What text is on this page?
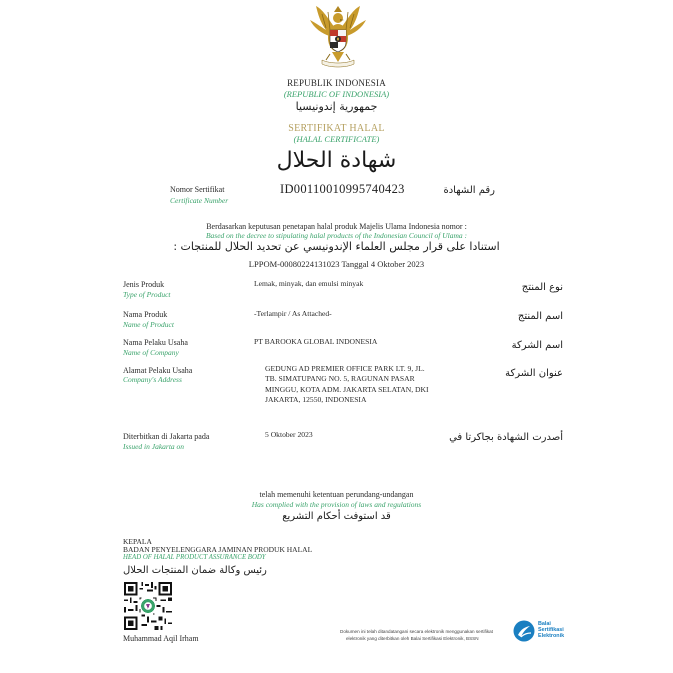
REPUBLIK INDONESIA
(REPUBLIC OF INDONESIA)
جمهورية إندونيسيا
SERTIFIKAT HALAL
(HALAL CERTIFICATE)
شهادة الحلال
Nomor Sertifikat
Certificate Number
ID00110010995740423	رقم الشهادة
Berdasarkan keputusan penetapan halal produk Majelis Ulama Indonesia nomor :
Based on the decree to stipulating halal products of the Indonesian Council of Ulama :
استنادا على قرار مجلس العلماء الإندونيسي عن تحديد الحلال للمنتجات :
LPPOM-00080224131023 Tanggal 4 Oktober 2023
Jenis Produk
Type of Product
Lemak, minyak, dan emulsi minyak	نوع المنتج
Nama Produk
Name of Product
-Terlampir / As Attached-	اسم المنتج
Nama Pelaku Usaha
Name of Company
PT BAROOKA GLOBAL INDONESIA	اسم الشركة
Alamat Pelaku Usaha
Company's Address
GEDUNG AD PREMIER OFFICE PARK LT. 9, JL.
TB. SIMATUPANG NO. 5, RAGUNAN PASAR
MINGGU, KOTA ADM. JAKARTA SELATAN, DKI
JAKARTA, 12550, INDONESIA
عنوان الشركة
Diterbitkan di Jakarta pada
Issued in Jakarta on
5 Oktober 2023	أصدرت الشهادة بجاكرتا في
telah memenuhi ketentuan perundang-undangan
Has complied with the provision of laws and regulations
قد استوفت أحكام التشريع
KEPALA
BADAN PENYELENGGARA JAMINAN PRODUK HALAL
HEAD OF HALAL PRODUCT ASSURANCE BODY
رئيس وكالة ضمان المنتجات الحلال
Muhammad Aqil Irham
Dokumen ini telah ditandatangani secara elektronik menggunakan sertifikat
elektronik yang diterbitkan oleh Balai Sertifikasi Elektronik, BSSN
Balai
Sertifikasi
Elektronik
